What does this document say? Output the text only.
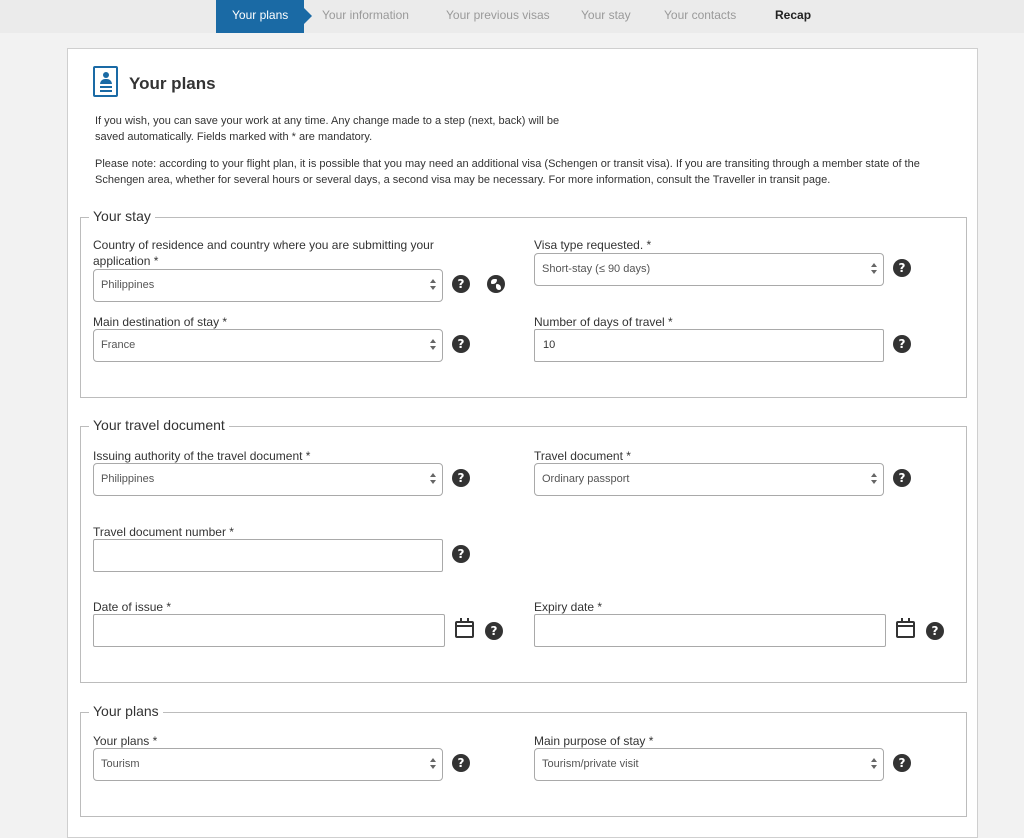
Your plans	Your information	Your previous visas	Your stay	Your contacts	Recap
Your plans
If you wish, you can save your work at any time. Any change made to a step (next, back) will be saved automatically. Fields marked with * are mandatory.
Please note: according to your flight plan, it is possible that you may need an additional visa (Schengen or transit visa). If you are transiting through a member state of the Schengen area, whether for several hours or several days, a second visa may be necessary. For more information, consult the Traveller in transit page.
Your stay
Country of residence and country where you are submitting your application *
Philippines	?
Visa type requested. *
Short-stay (≤ 90 days)	?
Main destination of stay *
France	?
Number of days of travel *
10	?
Your travel document
Issuing authority of the travel document *
Philippines	?
Travel document *
Ordinary passport	?
Travel document number *
?
Date of issue *
?
Expiry date *
?
Your plans
Your plans *
Tourism	?
Main purpose of stay *
Tourism/private visit	?
